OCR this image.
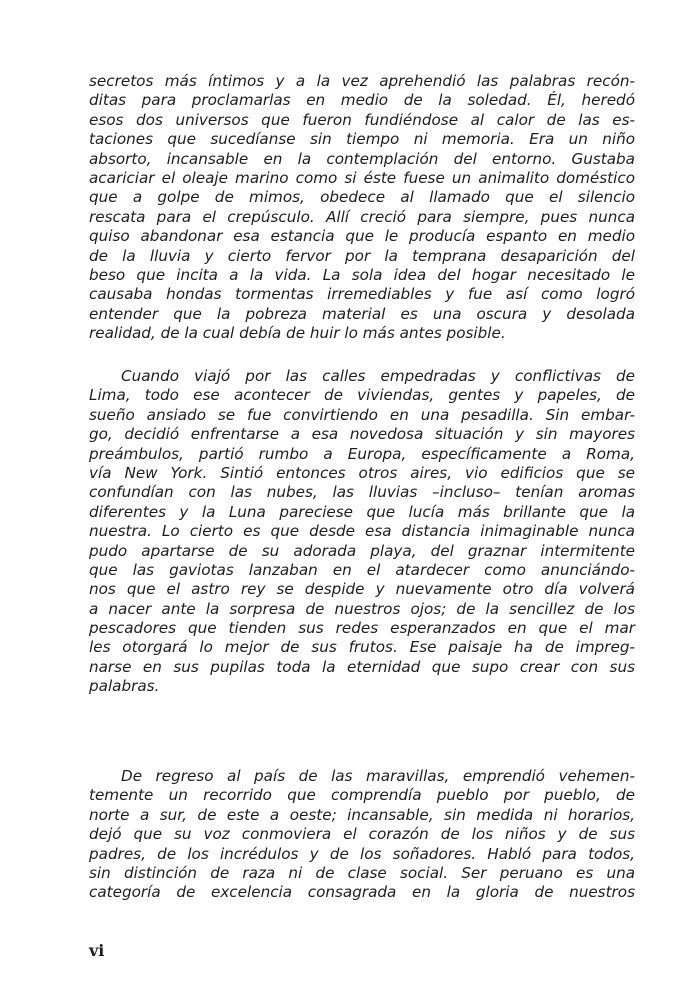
secretos más íntimos y a la vez aprehendió las palabras recón-
ditas para proclamarlas en medio de la soledad. Él, heredó
esos dos universos que fueron fundiéndose al calor de las es-
taciones que sucedíanse sin tiempo ni memoria. Era un niño
absorto, incansable en la contemplación del entorno. Gustaba
acariciar el oleaje marino como si éste fuese un animalito doméstico
que a golpe de mimos, obedece al llamado que el silencio
rescata para el crepúsculo. Allí creció para siempre, pues nunca
quiso abandonar esa estancia que le producía espanto en medio
de la lluvia y cierto fervor por la temprana desaparición del
beso que incita a la vida. La sola idea del hogar necesitado le
causaba hondas tormentas irremediables y fue así como logró
entender que la pobreza material es una oscura y desolada
realidad, de la cual debía de huir lo más antes posible.
Cuando viajó por las calles empedradas y conflictivas de
Lima, todo ese acontecer de viviendas, gentes y papeles, de
sueño ansiado se fue convirtiendo en una pesadilla. Sin embar-
go, decidió enfrentarse a esa novedosa situación y sin mayores
preámbulos, partió rumbo a Europa, específicamente a Roma,
vía New York. Sintió entonces otros aires, vio edificios que se
confundían con las nubes, las lluvias –incluso– tenían aromas
diferentes y la Luna pareciese que lucía más brillante que la
nuestra. Lo cierto es que desde esa distancia inimaginable nunca
pudo apartarse de su adorada playa, del graznar intermitente
que las gaviotas lanzaban en el atardecer como anunciándo-
nos que el astro rey se despide y nuevamente otro día volverá
a nacer ante la sorpresa de nuestros ojos; de la sencillez de los
pescadores que tienden sus redes esperanzados en que el mar
les otorgará lo mejor de sus frutos. Ese paisaje ha de impreg-
narse en sus pupilas toda la eternidad que supo crear con sus
palabras.
De regreso al país de las maravillas, emprendió vehemen-
temente un recorrido que comprendía pueblo por pueblo, de
norte a sur, de este a oeste; incansable, sin medida ni horarios,
dejó que su voz conmoviera el corazón de los niños y de sus
padres, de los incrédulos y de los soñadores. Habló para todos,
sin distinción de raza ni de clase social. Ser peruano es una
categoría de excelencia consagrada en la gloria de nuestros
vi
